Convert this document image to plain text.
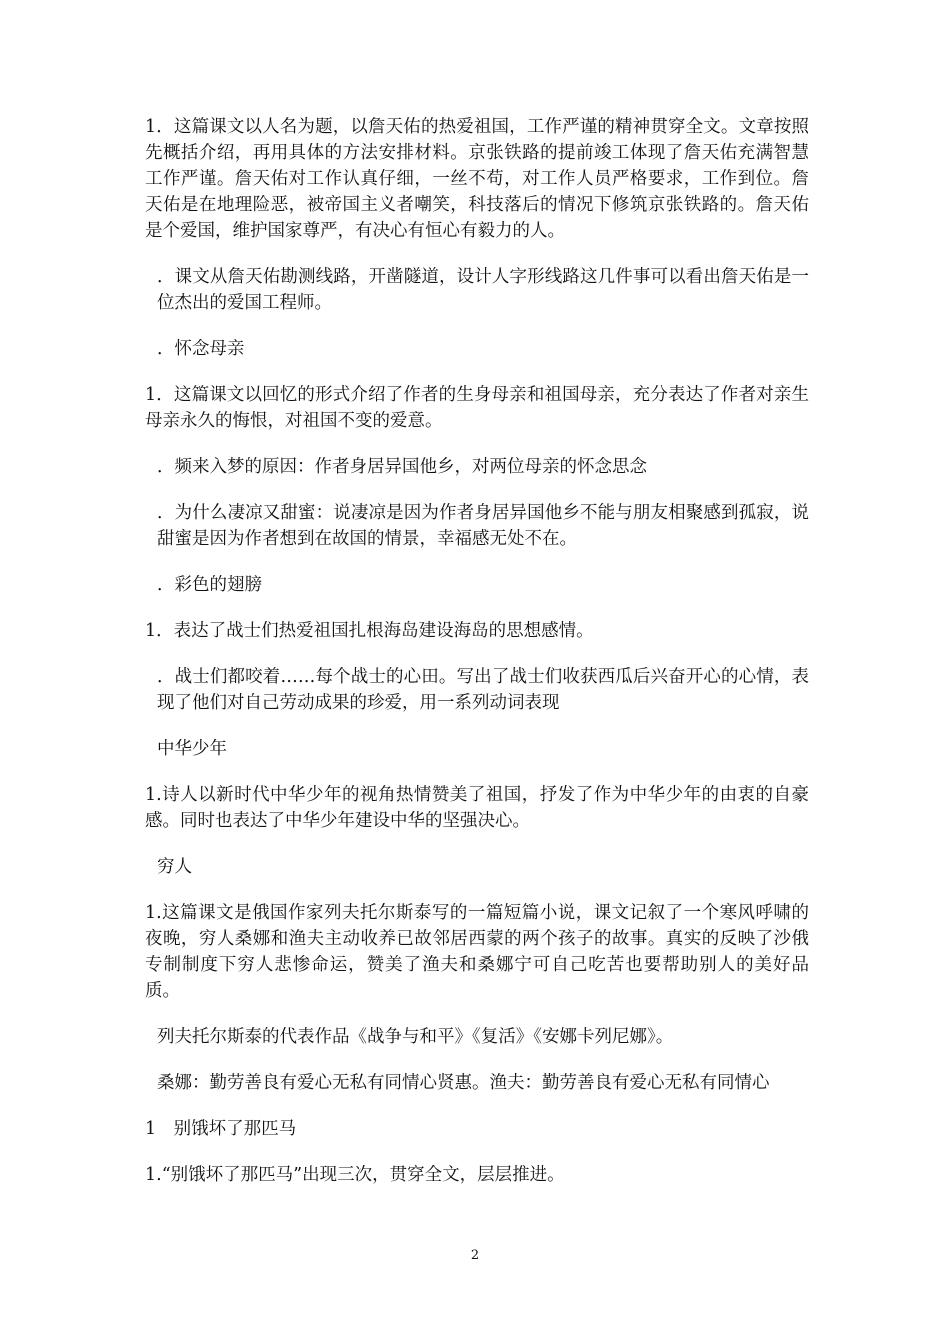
1．这篇课文以人名为题，以詹天佑的热爱祖国，工作严谨的精神贯穿全文。文章按照先概括介绍，再用具体的方法安排材料。京张铁路的提前竣工体现了詹天佑充满智慧工作严谨。詹天佑对工作认真仔细，一丝不苟，对工作人员严格要求，工作到位。詹天佑是在地理险恶，被帝国主义者嘲笑，科技落后的情况下修筑京张铁路的。詹天佑是个爱国，维护国家尊严，有决心有恒心有毅力的人。

．课文从詹天佑勘测线路，开凿隧道，设计人字形线路这几件事可以看出詹天佑是一位杰出的爱国工程师。

．怀念母亲

1．这篇课文以回忆的形式介绍了作者的生身母亲和祖国母亲，充分表达了作者对亲生母亲永久的悔恨，对祖国不变的爱意。

．频来入梦的原因：作者身居异国他乡，对两位母亲的怀念思念

．为什么凄凉又甜蜜：说凄凉是因为作者身居异国他乡不能与朋友相聚感到孤寂，说甜蜜是因为作者想到在故国的情景，幸福感无处不在。

．彩色的翅膀

1．表达了战士们热爱祖国扎根海岛建设海岛的思想感情。

．战士们都咬着……每个战士的心田。写出了战士们收获西瓜后兴奋开心的心情，表现了他们对自己劳动成果的珍爱，用一系列动词表现

中华少年

1.诗人以新时代中华少年的视角热情赞美了祖国，抒发了作为中华少年的由衷的自豪感。同时也表达了中华少年建设中华的坚强决心。

穷人

1.这篇课文是俄国作家列夫托尔斯泰写的一篇短篇小说，课文记叙了一个寒风呼啸的夜晚，穷人桑娜和渔夫主动收养已故邻居西蒙的两个孩子的故事。真实的反映了沙俄专制制度下穷人悲惨命运，赞美了渔夫和桑娜宁可自己吃苦也要帮助别人的美好品质。

列夫托尔斯泰的代表作品《战争与和平》《复活》《安娜卡列尼娜》。

桑娜：勤劳善良有爱心无私有同情心贤惠。渔夫：勤劳善良有爱心无私有同情心

1　别饿坏了那匹马

1.“别饿坏了那匹马”出现三次，贯穿全文，层层推进。

2
